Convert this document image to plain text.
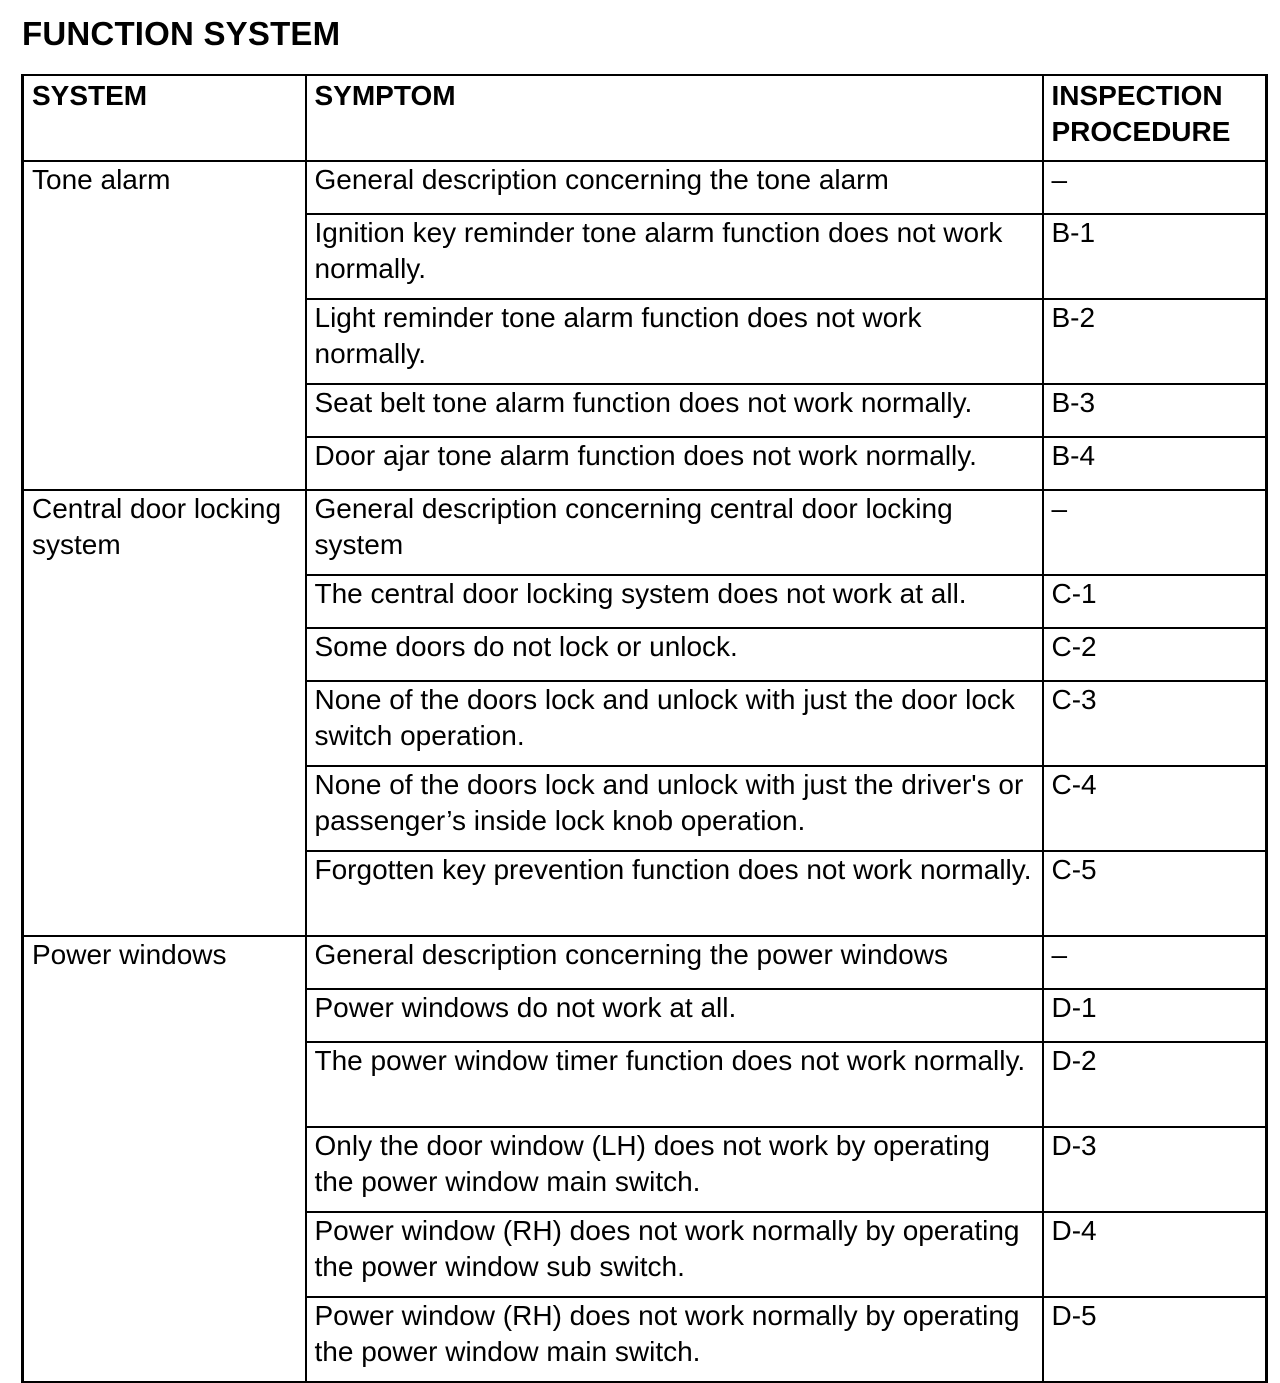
FUNCTION SYSTEM
SYSTEM	SYMPTOM	INSPECTION PROCEDURE
Tone alarm	General description concerning the tone alarm	–
	Ignition key reminder tone alarm function does not work normally.	B-1
	Light reminder tone alarm function does not work normally.	B-2
	Seat belt tone alarm function does not work normally.	B-3
	Door ajar tone alarm function does not work normally.	B-4
Central door locking system	General description concerning central door locking system	–
	The central door locking system does not work at all.	C-1
	Some doors do not lock or unlock.	C-2
	None of the doors lock and unlock with just the door lock switch operation.	C-3
	None of the doors lock and unlock with just the driver's or passenger’s inside lock knob operation.	C-4
	Forgotten key prevention function does not work normally.	C-5
Power windows	General description concerning the power windows	–
	Power windows do not work at all.	D-1
	The power window timer function does not work normally.	D-2
	Only the door window (LH) does not work by operating the power window main switch.	D-3
	Power window (RH) does not work normally by operating the power window sub switch.	D-4
	Power window (RH) does not work normally by operating the power window main switch.	D-5
